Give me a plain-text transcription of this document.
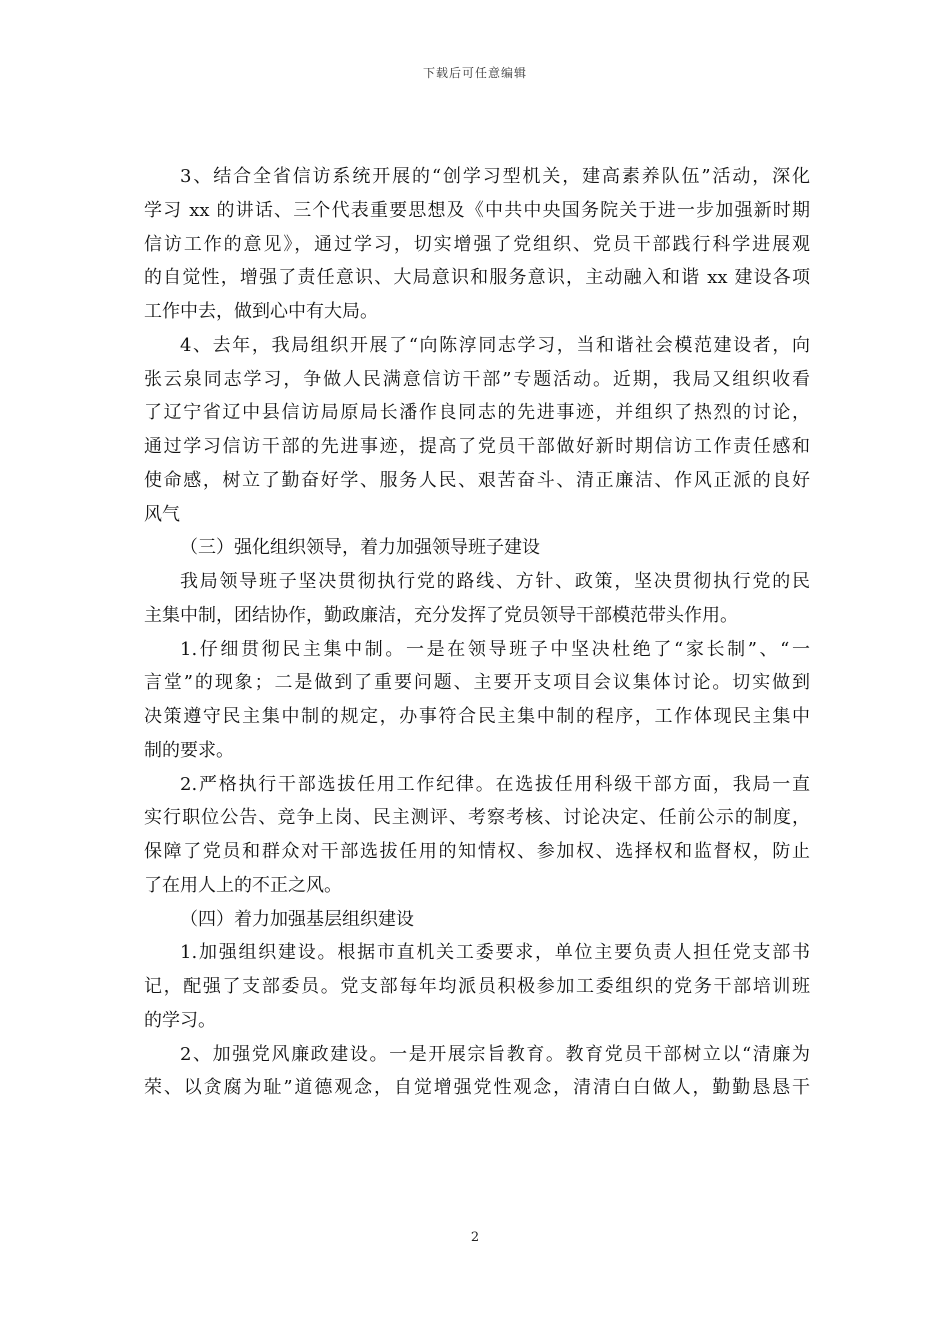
下载后可任意编辑
3、结合全省信访系统开展的“创学习型机关，建高素养队伍”活动，深化
学习 xx 的讲话、三个代表重要思想及《中共中央国务院关于进一步加强新时期
信访工作的意见》，通过学习，切实增强了党组织、党员干部践行科学进展观
的自觉性，增强了责任意识、大局意识和服务意识，主动融入和谐 xx 建设各项
工作中去，做到心中有大局。
4、去年，我局组织开展了“向陈淳同志学习，当和谐社会模范建设者，向
张云泉同志学习，争做人民满意信访干部”专题活动。近期，我局又组织收看
了辽宁省辽中县信访局原局长潘作良同志的先进事迹，并组织了热烈的讨论，
通过学习信访干部的先进事迹，提高了党员干部做好新时期信访工作责任感和
使命感，树立了勤奋好学、服务人民、艰苦奋斗、清正廉洁、作风正派的良好
风气
（三）强化组织领导，着力加强领导班子建设
我局领导班子坚决贯彻执行党的路线、方针、政策，坚决贯彻执行党的民
主集中制，团结协作，勤政廉洁，充分发挥了党员领导干部模范带头作用。
1.仔细贯彻民主集中制。一是在领导班子中坚决杜绝了“家长制”、“一
言堂”的现象；二是做到了重要问题、主要开支项目会议集体讨论。切实做到
决策遵守民主集中制的规定，办事符合民主集中制的程序，工作体现民主集中
制的要求。
2.严格执行干部选拔任用工作纪律。在选拔任用科级干部方面，我局一直
实行职位公告、竞争上岗、民主测评、考察考核、讨论决定、任前公示的制度，
保障了党员和群众对干部选拔任用的知情权、参加权、选择权和监督权，防止
了在用人上的不正之风。
（四）着力加强基层组织建设
1.加强组织建设。根据市直机关工委要求，单位主要负责人担任党支部书
记，配强了支部委员。党支部每年均派员积极参加工委组织的党务干部培训班
的学习。
2、加强党风廉政建设。一是开展宗旨教育。教育党员干部树立以“清廉为
荣、以贪腐为耻”道德观念，自觉增强党性观念，清清白白做人，勤勤恳恳干
2
